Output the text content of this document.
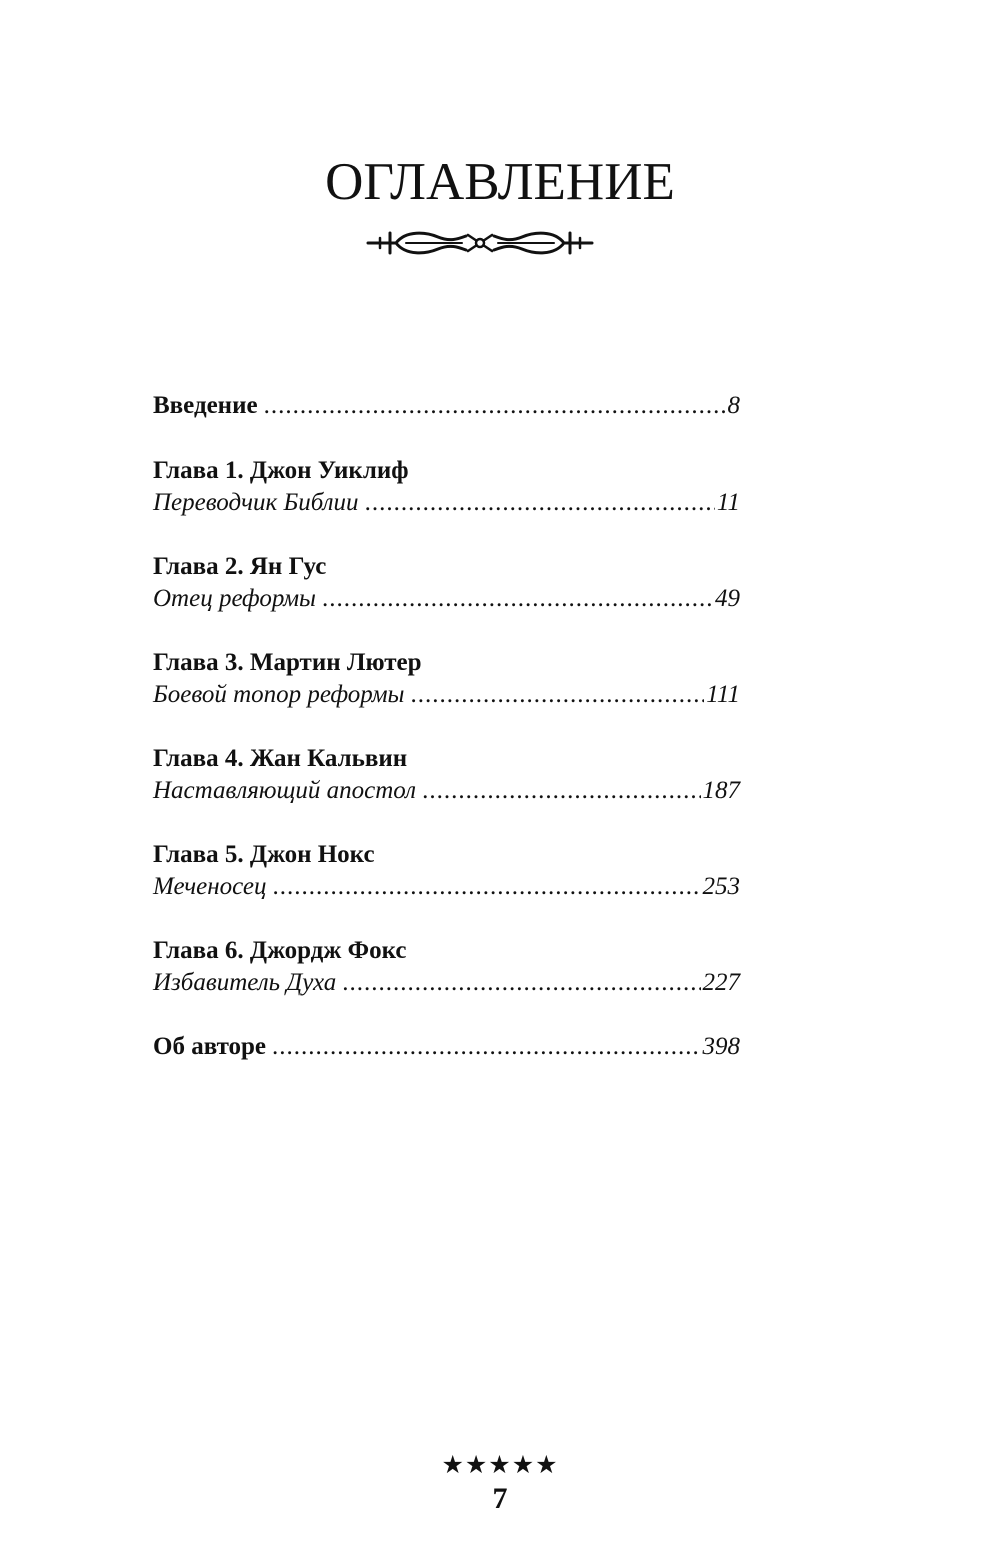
ОГЛАВЛЕНИЕ
Введение .....	8
Глава 1. Джон Уиклиф
Переводчик Библии .....	11
Глава 2. Ян Гус
Отец реформы .....	49
Глава 3. Мартин Лютер
Боевой топор реформы .....	111
Глава 4. Жан Кальвин
Наставляющий апостол .....	187
Глава 5. Джон Нокс
Меченосец .....	253
Глава 6. Джордж Фокс
Избавитель Духа .....	227
Об авторе .....	398
★★★★★
7
